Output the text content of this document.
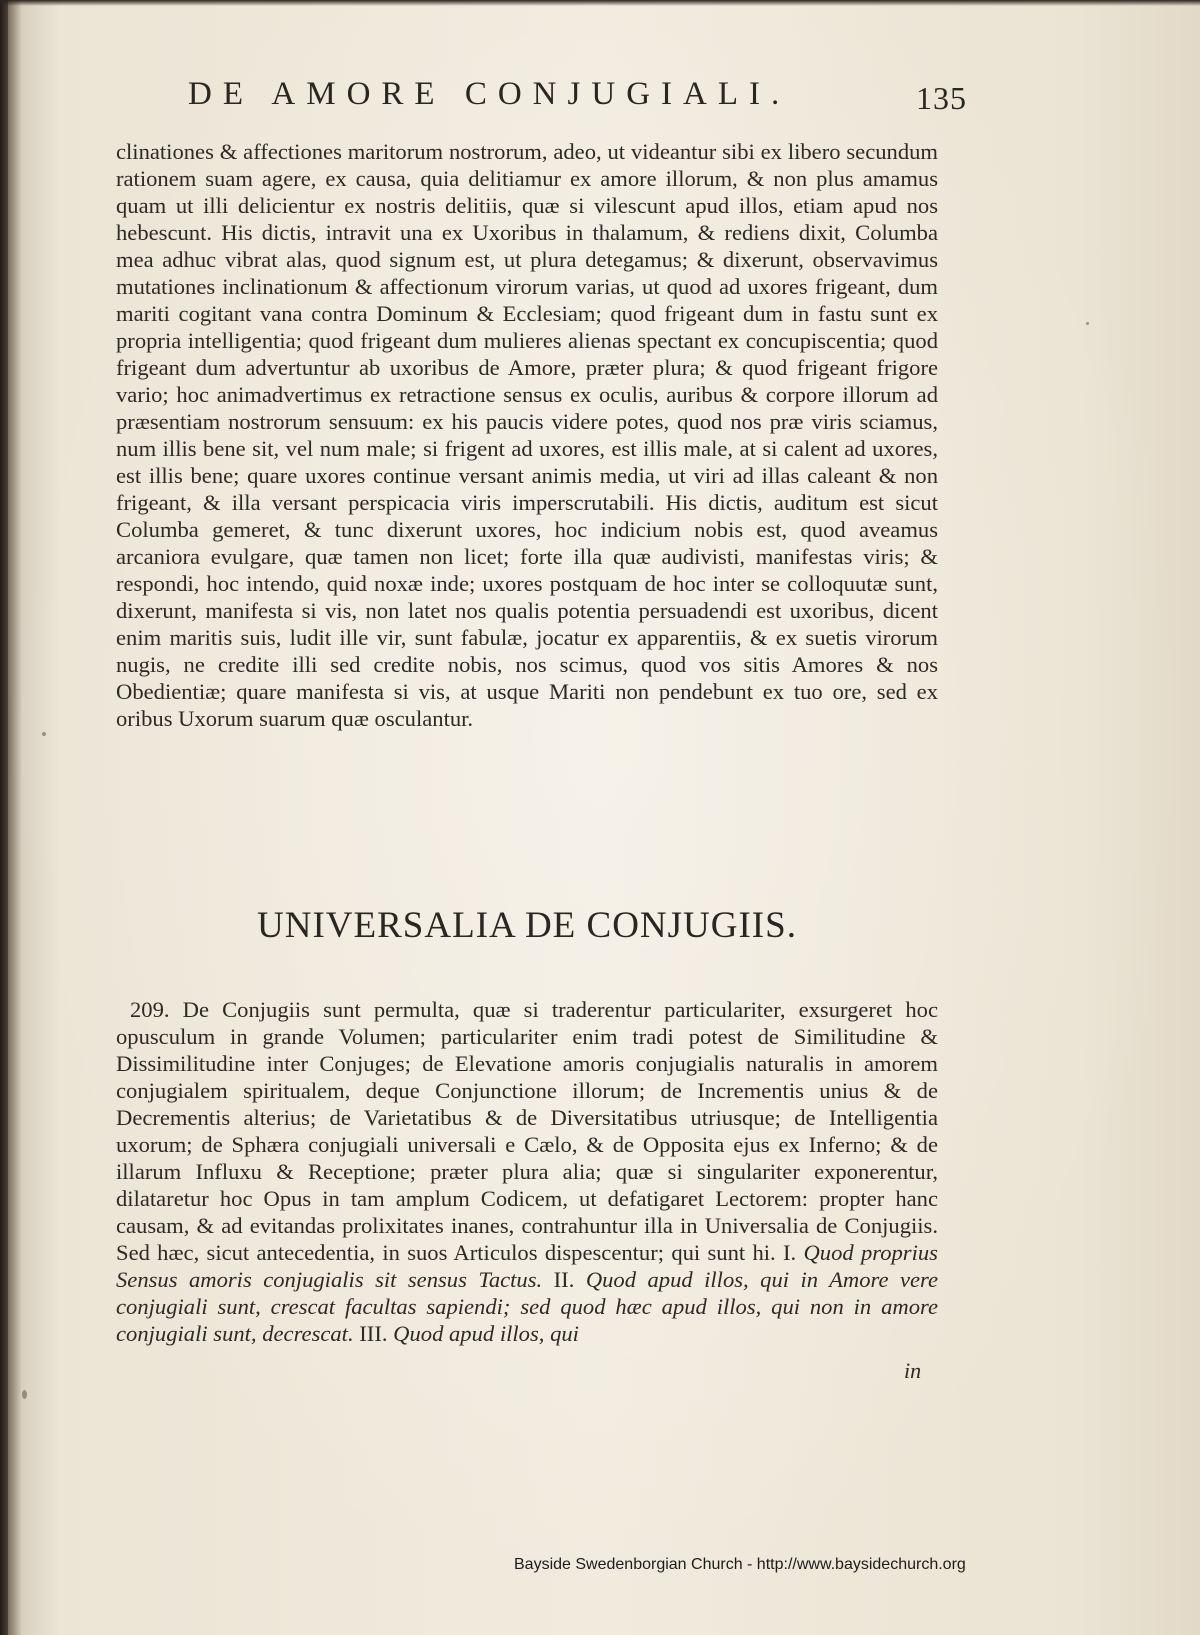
DE AMORE CONJUGIALI.	135

clinationes & affectiones maritorum nostrorum, adeo, ut videantur sibi ex libero secundum rationem suam agere, ex causa, quia delitiamur ex amore illorum, & non plus amamus quam ut illi delicientur ex nostris delitiis, quæ si vilescunt apud illos, etiam apud nos hebescunt. His dictis, intravit una ex Uxoribus in thalamum, & rediens dixit, Columba mea adhuc vibrat alas, quod signum est, ut plura detegamus; & dixerunt, observavimus mutationes inclinationum & affectionum virorum varias, ut quod ad uxores frigeant, dum mariti cogitant vana contra Dominum & Ecclesiam; quod frigeant dum in fastu sunt ex propria intelligentia; quod frigeant dum mulieres alienas spectant ex concupiscentia; quod frigeant dum advertuntur ab uxoribus de Amore, præter plura; & quod frigeant frigore vario; hoc animadvertimus ex retractione sensus ex oculis, auribus & corpore illorum ad præsentiam nostrorum sensuum: ex his paucis videre potes, quod nos præ viris sciamus, num illis bene sit, vel num male; si frigent ad uxores, est illis male, at si calent ad uxores, est illis bene; quare uxores continue versant animis media, ut viri ad illas caleant & non frigeant, & illa versant perspicacia viris imperscrutabili. His dictis, auditum est sicut Columba gemeret, & tunc dixerunt uxores, hoc indicium nobis est, quod aveamus arcaniora evulgare, quæ tamen non licet; forte illa quæ audivisti, manifestas viris; & respondi, hoc intendo, quid noxæ inde; uxores postquam de hoc inter se colloquutæ sunt, dixerunt, manifesta si vis, non latet nos qualis potentia persuadendi est uxoribus, dicent enim maritis suis, ludit ille vir, sunt fabulæ, jocatur ex apparentiis, & ex suetis virorum nugis, ne credite illi sed credite nobis, nos scimus, quod vos sitis Amores & nos Obedientiæ; quare manifesta si vis, at usque Mariti non pendebunt ex tuo ore, sed ex oribus Uxorum suarum quæ osculantur.

UNIVERSALIA DE CONJUGIIS.

209. De Conjugiis sunt permulta, quæ si traderentur particulariter, exsurgeret hoc opusculum in grande Volumen; particulariter enim tradi potest de Similitudine & Dissimilitudine inter Conjuges; de Elevatione amoris conjugialis naturalis in amorem conjugialem spiritualem, deque Conjunctione illorum; de Incrementis unius & de Decrementis alterius; de Varietatibus & de Diversitatibus utriusque; de Intelligentia uxorum; de Sphæra conjugiali universali e Cælo, & de Opposita ejus ex Inferno; & de illarum Influxu & Receptione; præter plura alia; quæ si singulariter exponerentur, dilataretur hoc Opus in tam amplum Codicem, ut defatigaret Lectorem: propter hanc causam, & ad evitandas prolixitates inanes, contrahuntur illa in Universalia de Conjugiis. Sed hæc, sicut antecedentia, in suos Articulos dispescentur; qui sunt hi. I. Quod proprius Sensus amoris conjugialis sit sensus Tactus. II. Quod apud illos, qui in Amore vere conjugiali sunt, crescat facultas sapiendi; sed quod hæc apud illos, qui non in amore conjugiali sunt, decrescat. III. Quod apud illos, qui

in
Bayside Swedenborgian Church - http://www.baysidechurch.org
